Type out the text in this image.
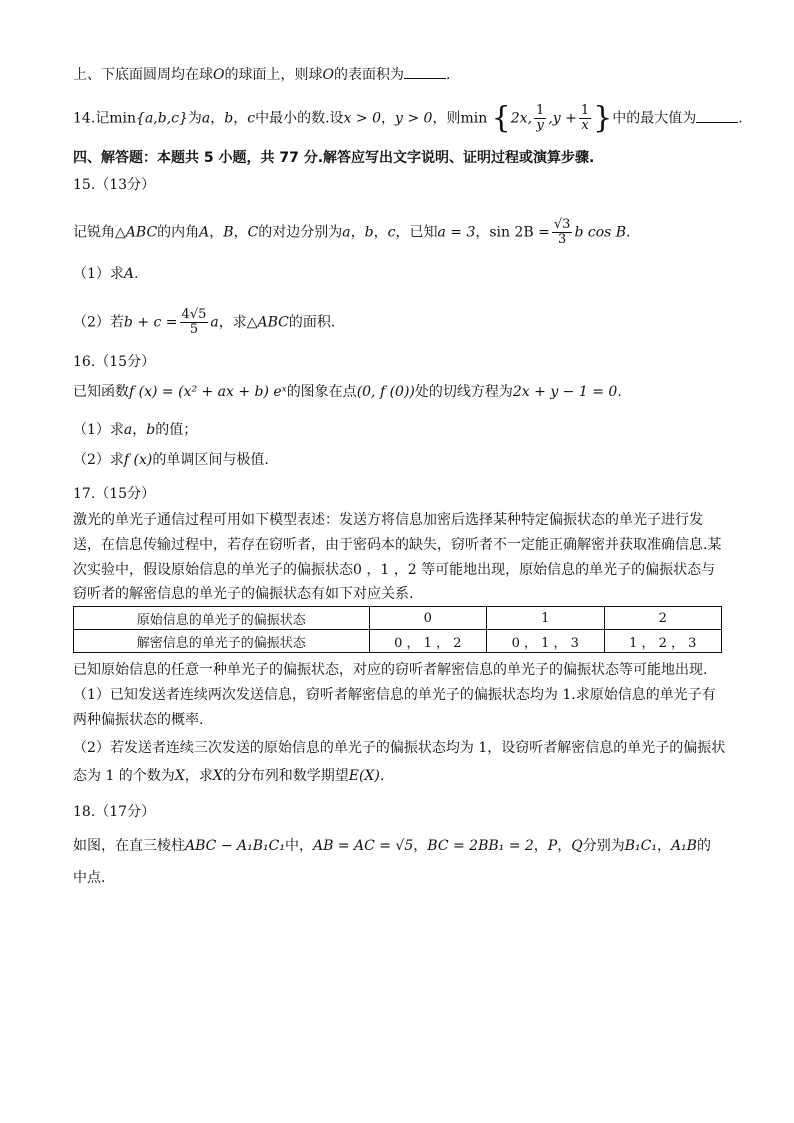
上、下底面圆周均在球O的球面上，则球O的表面积为	.
14.记min{a,b,c}为a，b，c中最小的数.设x > 0，y > 0，则min {2x, $\frac{1}{y} ,y + \frac{1}{x}$ }中的最大值为	.
四、解答题：本题共 5 小题，共 77 分.解答应写出文字说明、证明过程或演算步骤.
15.（13分）
记锐角△ABC的内角A，B，C的对边分别为a，b，c，已知a = 3，$\sin 2B = \frac{√3}{3}$ b cos B.
（1）求A.
（2）若$b + c = \frac{4√5}{5}$ a，求△ABC的面积.
16.（15分）
已知函数f (x) = (x² + ax + b) eˣ的图象在点(0, f (0))处的切线方程为2x + y − 1 = 0.
（1）求a，b的值；
（2）求f (x)的单调区间与极值.
17.（15分）
激光的单光子通信过程可用如下模型表述：发送方将信息加密后选择某种特定偏振状态的单光子进行发
送，在信息传输过程中，若存在窃听者，由于密码本的缺失，窃听者不一定能正确解密并获取准确信息.某
次实验中，假设原始信息的单光子的偏振状态0 ，1 ，2 等可能地出现，原始信息的单光子的偏振状态与
窃听者的解密信息的单光子的偏振状态有如下对应关系.
原始信息的单光子的偏振状态	0	1	2
解密信息的单光子的偏振状态	0 ， 1 ， 2	0 ， 1 ， 3	1 ， 2 ， 3
已知原始信息的任意一种单光子的偏振状态，对应的窃听者解密信息的单光子的偏振状态等可能地出现.
（1）已知发送者连续两次发送信息，窃听者解密信息的单光子的偏振状态均为 1.求原始信息的单光子有
两种偏振状态的概率.
（2）若发送者连续三次发送的原始信息的单光子的偏振状态均为 1，设窃听者解密信息的单光子的偏振状
态为 1 的个数为X，求X的分布列和数学期望E(X).
18.（17分）
如图，在直三棱柱ABC − A₁B₁C₁中，AB = AC = √5，BC = 2BB₁ = 2，P，Q分别为B₁C₁，A₁B的
中点.
